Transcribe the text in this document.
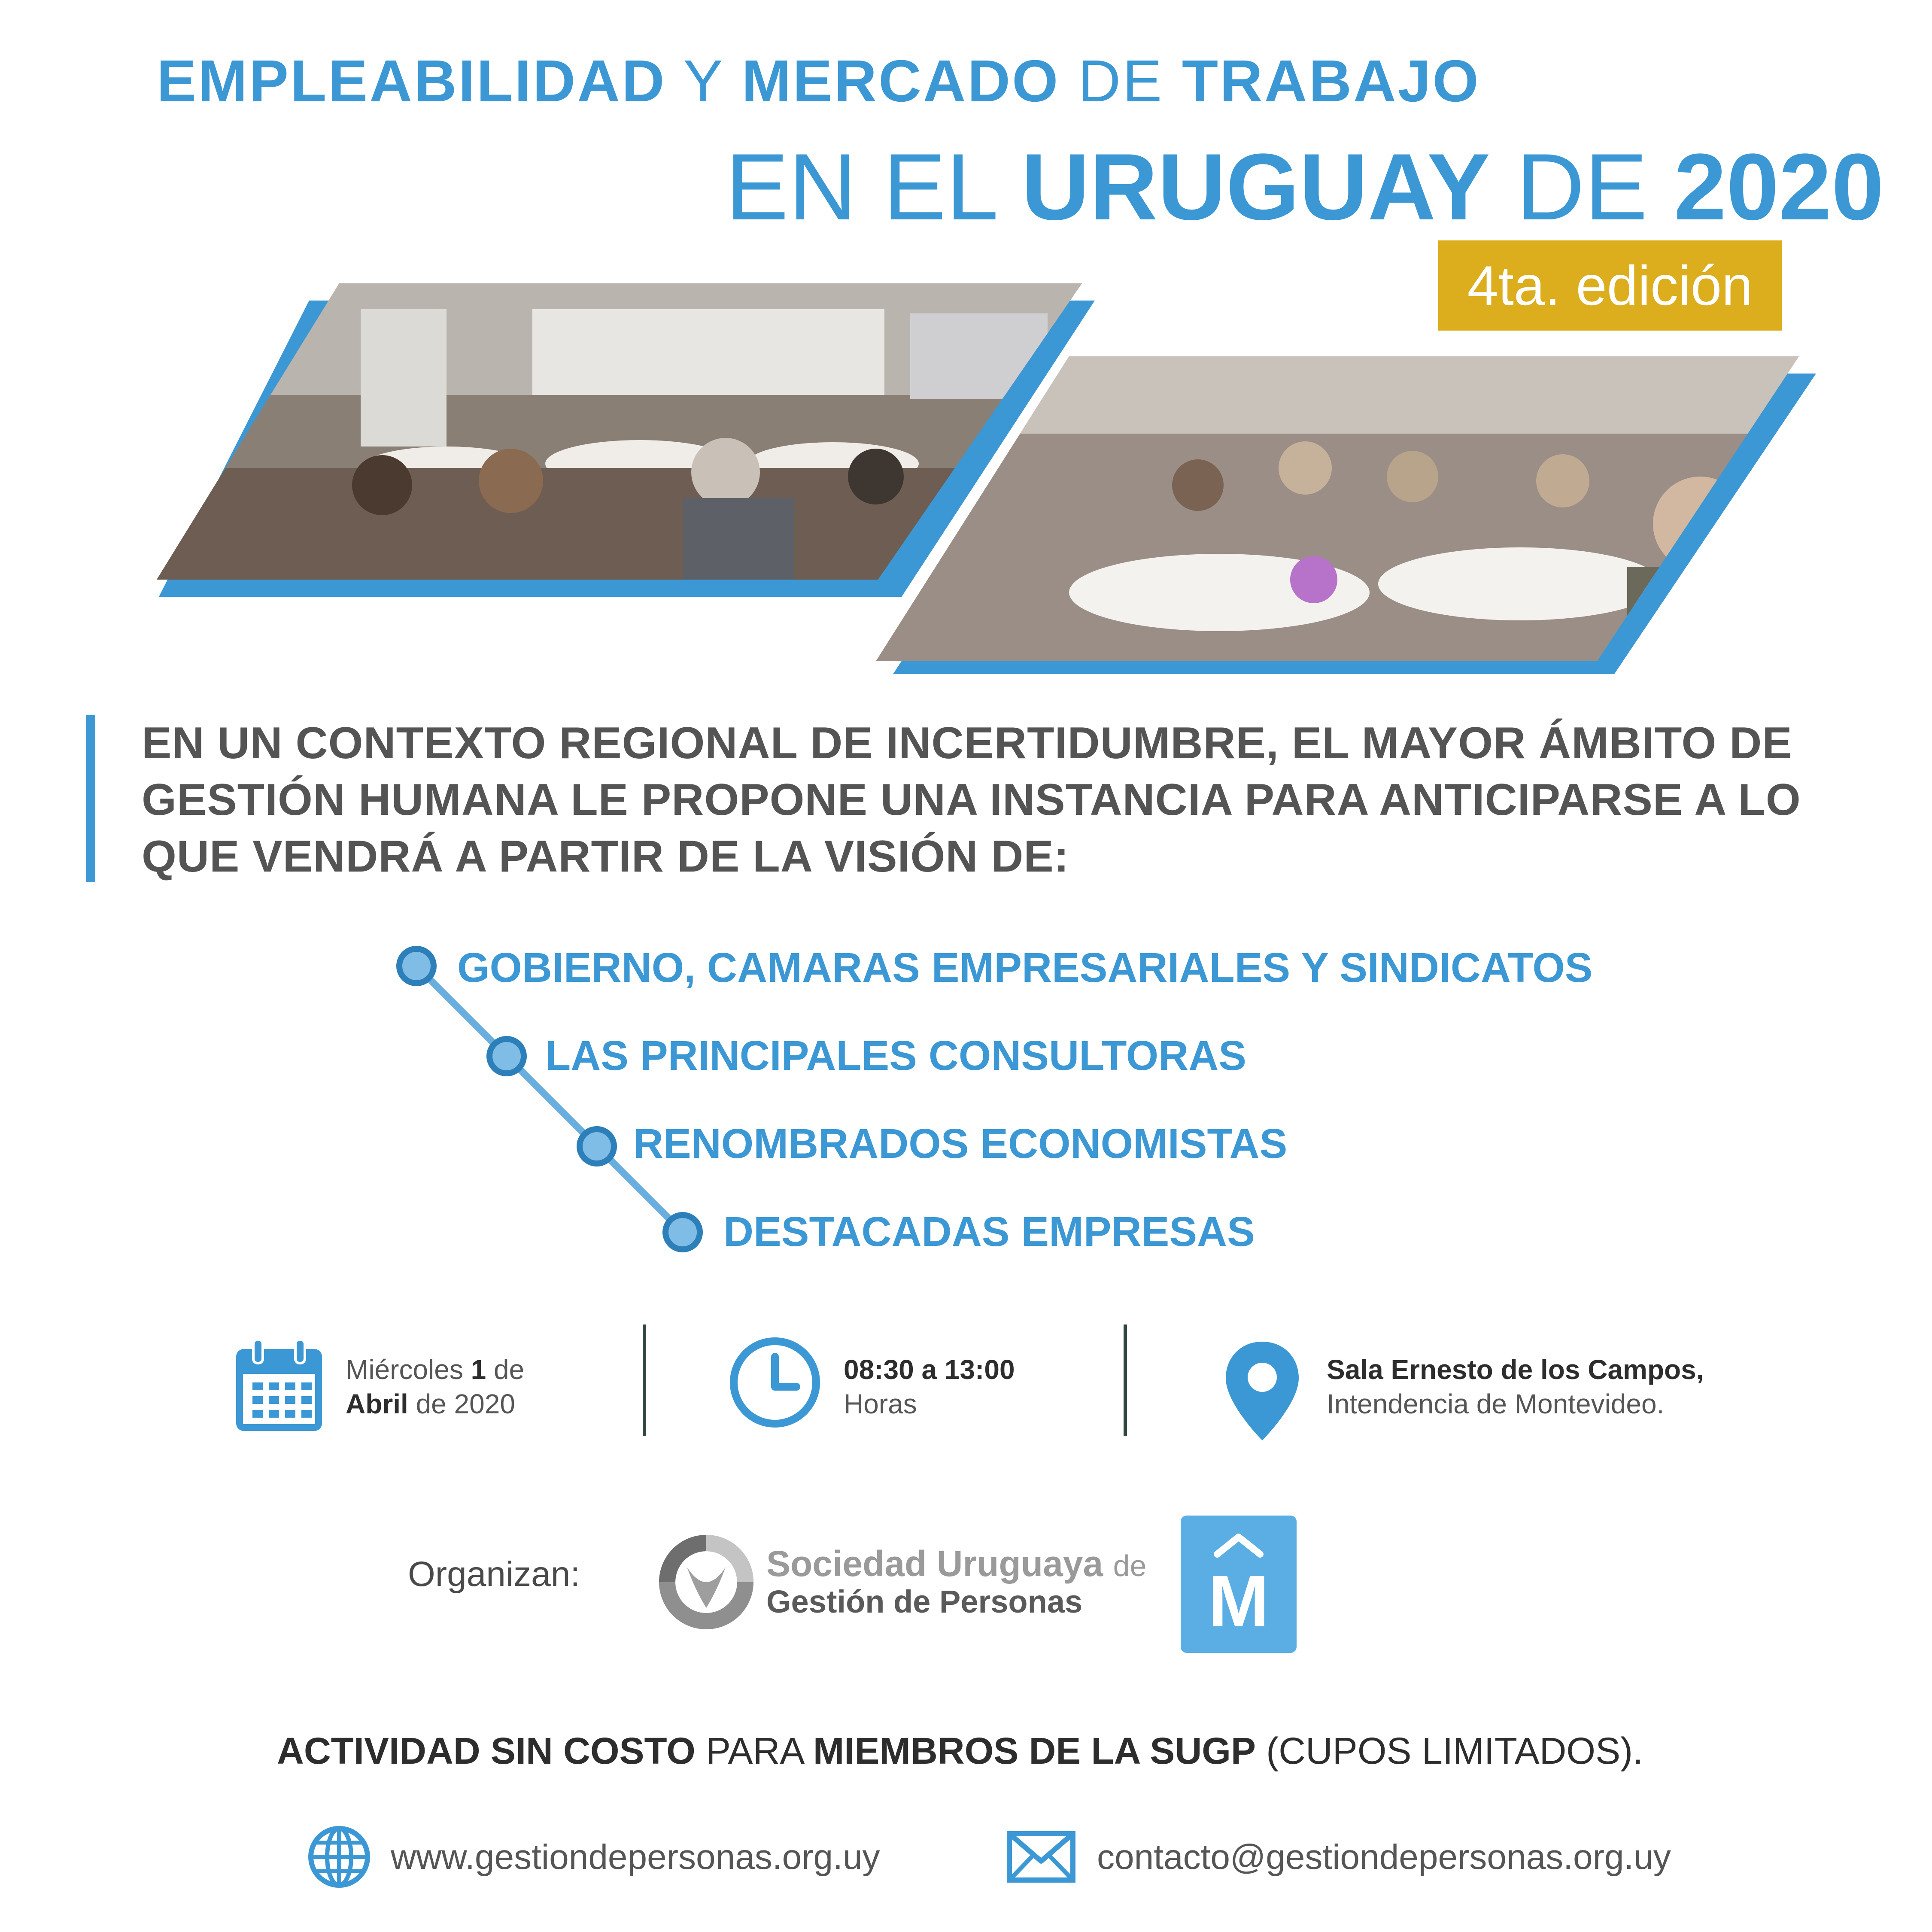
EMPLEABILIDAD Y MERCADO DE TRABAJO
EN EL URUGUAY DE 2020
4ta. edición
EN UN CONTEXTO REGIONAL DE INCERTIDUMBRE, EL MAYOR ÁMBITO DE GESTIÓN HUMANA LE PROPONE UNA INSTANCIA PARA ANTICIPARSE A LO QUE VENDRÁ A PARTIR DE LA VISIÓN DE:
GOBIERNO, CAMARAS EMPRESARIALES Y SINDICATOS
LAS PRINCIPALES CONSULTORAS
RENOMBRADOS ECONOMISTAS
DESTACADAS EMPRESAS
Miércoles 1 de
Abril de 2020
08:30 a 13:00
Horas
Sala Ernesto de los Campos,
Intendencia de Montevideo.
Organizan:	Sociedad Uruguaya de
Gestión de Personas	M
ACTIVIDAD SIN COSTO PARA MIEMBROS DE LA SUGP (CUPOS LIMITADOS).
www.gestiondepersonas.org.uy	contacto@gestiondepersonas.org.uy
